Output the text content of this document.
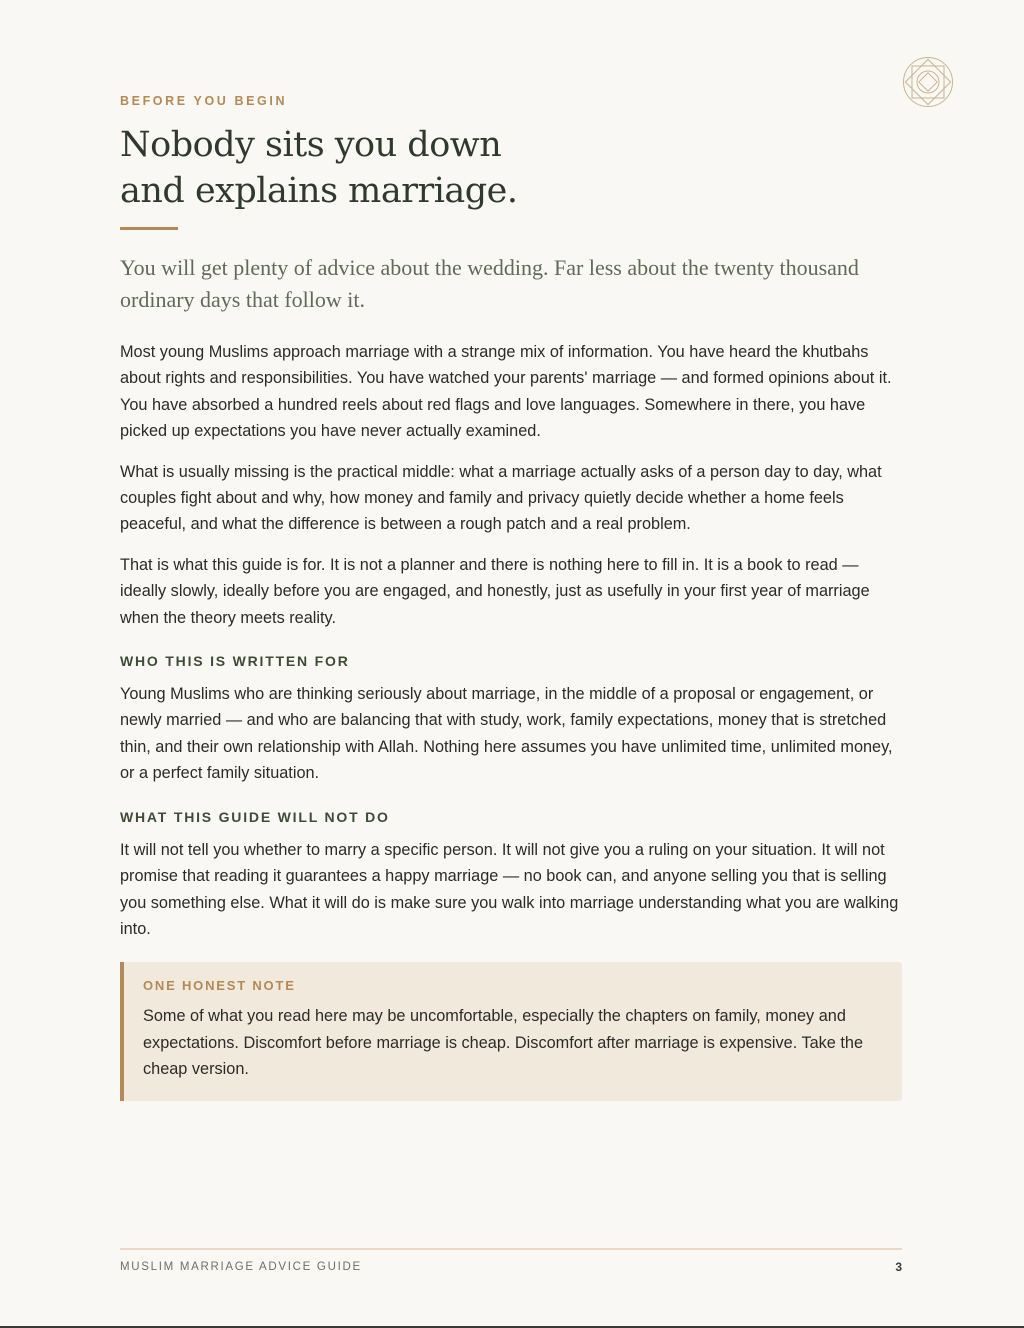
BEFORE YOU BEGIN

Nobody sits you down and explains marriage.

You will get plenty of advice about the wedding. Far less about the twenty thousand ordinary days that follow it.

Most young Muslims approach marriage with a strange mix of information. You have heard the khutbahs about rights and responsibilities. You have watched your parents' marriage — and formed opinions about it. You have absorbed a hundred reels about red flags and love languages. Somewhere in there, you have picked up expectations you have never actually examined.

What is usually missing is the practical middle: what a marriage actually asks of a person day to day, what couples fight about and why, how money and family and privacy quietly decide whether a home feels peaceful, and what the difference is between a rough patch and a real problem.

That is what this guide is for. It is not a planner and there is nothing here to fill in. It is a book to read — ideally slowly, ideally before you are engaged, and honestly, just as usefully in your first year of marriage when the theory meets reality.

WHO THIS IS WRITTEN FOR

Young Muslims who are thinking seriously about marriage, in the middle of a proposal or engagement, or newly married — and who are balancing that with study, work, family expectations, money that is stretched thin, and their own relationship with Allah. Nothing here assumes you have unlimited time, unlimited money, or a perfect family situation.

WHAT THIS GUIDE WILL NOT DO

It will not tell you whether to marry a specific person. It will not give you a ruling on your situation. It will not promise that reading it guarantees a happy marriage — no book can, and anyone selling you that is selling you something else. What it will do is make sure you walk into marriage understanding what you are walking into.

ONE HONEST NOTE

Some of what you read here may be uncomfortable, especially the chapters on family, money and expectations. Discomfort before marriage is cheap. Discomfort after marriage is expensive. Take the cheap version.

MUSLIM MARRIAGE ADVICE GUIDE	3
